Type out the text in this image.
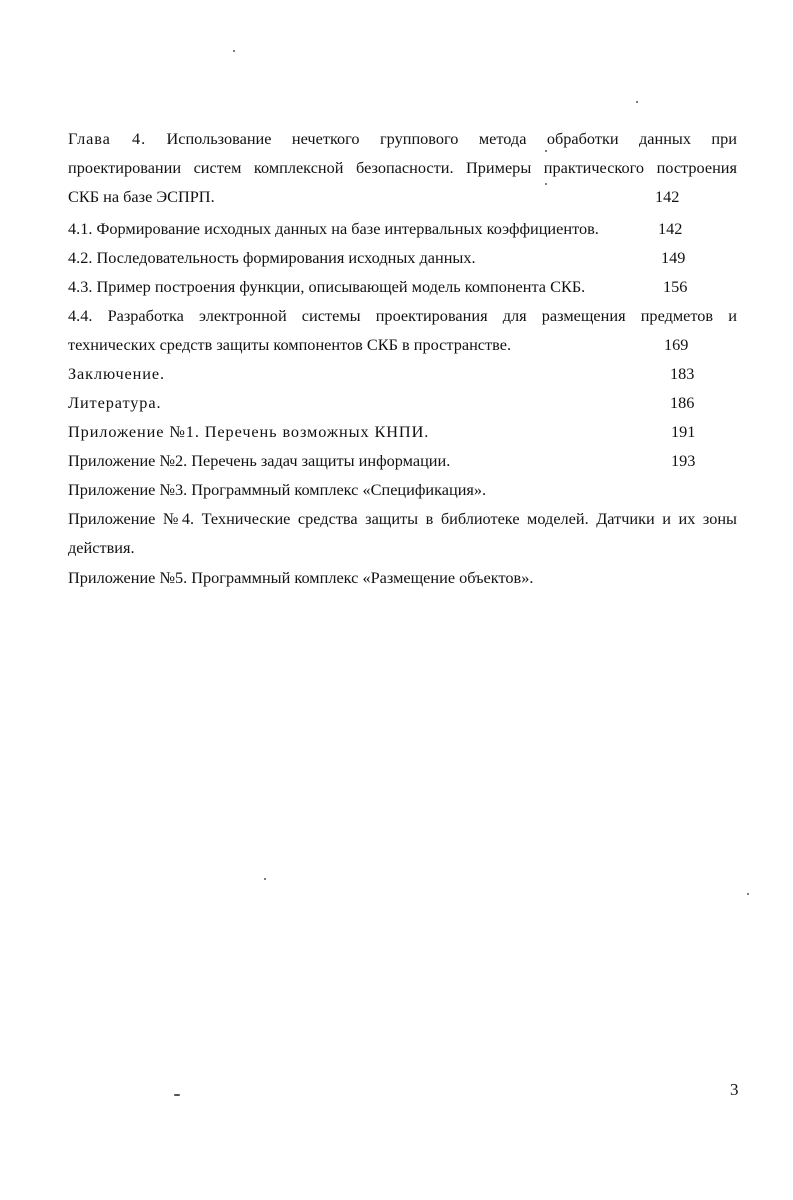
Глава 4. Использование нечеткого группового метода обработки данных при
проектировании систем комплексной безопасности. Примеры практического построения
СКБ на базе ЭСПРП.	142
4.1. Формирование исходных данных на базе интервальных коэффициентов.	142
4.2. Последовательность формирования исходных данных.	149
4.3. Пример построения функции, описывающей модель компонента СКБ.	156
4.4. Разработка электронной системы проектирования для размещения предметов и
технических средств защиты компонентов СКБ в пространстве.	169
Заключение.	183
Литература.	186
Приложение №1. Перечень возможных КНПИ.	191
Приложение №2. Перечень задач защиты информации.	193
Приложение №3. Программный комплекс «Спецификация».
Приложение №4. Технические средства защиты в библиотеке моделей. Датчики и их зоны
действия.
Приложение №5. Программный комплекс «Размещение объектов».
3
